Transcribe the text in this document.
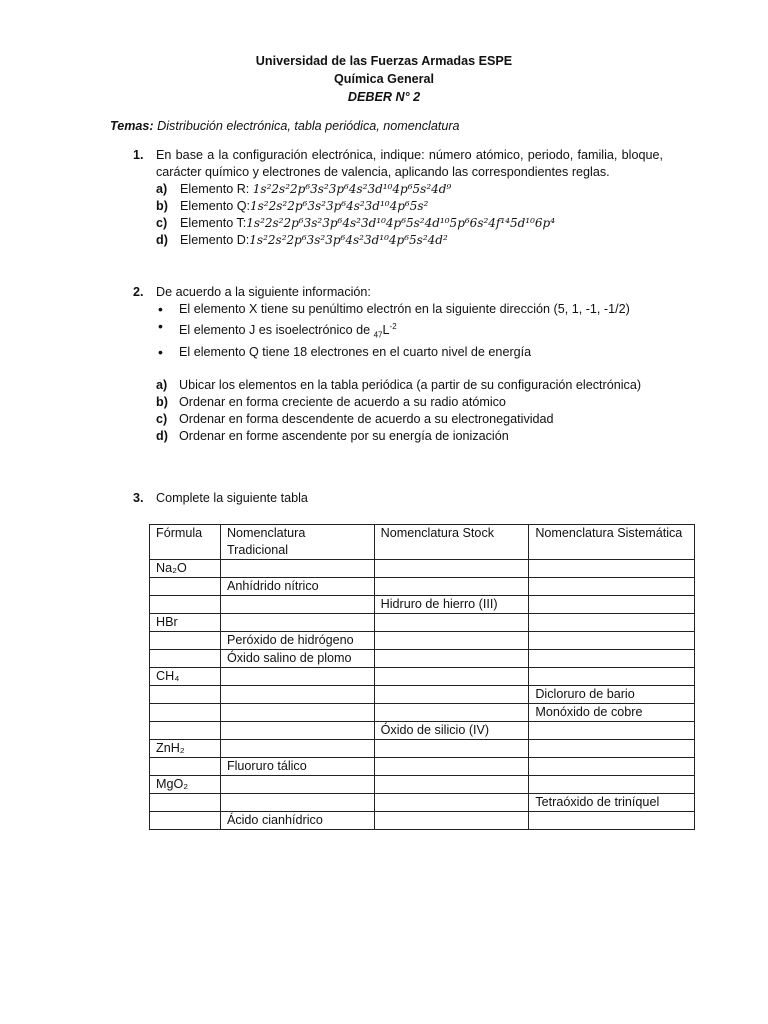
Universidad de las Fuerzas Armadas ESPE
Química General
DEBER N° 2
Temas: Distribución electrónica, tabla periódica, nomenclatura
1. En base a la configuración electrónica, indique: número atómico, periodo, familia, bloque, carácter químico y electrones de valencia, aplicando las correspondientes reglas.
a) Elemento R: 1s²2s²2p⁶3s²3p⁶4s²3d¹⁰4p⁶5s²4d⁹
b) Elemento Q:1s²2s²2p⁶3s²3p⁶4s²3d¹⁰4p⁶5s²
c) Elemento T:1s²2s²2p⁶3s²3p⁶4s²3d¹⁰4p⁶5s²4d¹⁰5p⁶6s²4f¹⁴5d¹⁰6p⁴
d) Elemento D:1s²2s²2p⁶3s²3p⁶4s²3d¹⁰4p⁶5s²4d²
2. De acuerdo a la siguiente información:
• El elemento X tiene su penúltimo electrón en la siguiente dirección (5, 1, -1, -1/2)
• El elemento J es isoelectrónico de $_{47}L^{-2}$
• El elemento Q tiene 18 electrones en el cuarto nivel de energía
a) Ubicar los elementos en la tabla periódica (a partir de su configuración electrónica)
b) Ordenar en forma creciente de acuerdo a su radio atómico
c) Ordenar en forma descendente de acuerdo a su electronegatividad
d) Ordenar en forme ascendente por su energía de ionización
3. Complete la siguiente tabla
Fórmula	Nomenclatura Tradicional	Nomenclatura Stock	Nomenclatura Sistemática
Na₂O			
	Anhídrido nítrico		
		Hidruro de hierro (III)	
HBr			
	Peróxido de hidrógeno		
	Óxido salino de plomo		
CH₄			
			Dicloruro de bario
			Monóxido de cobre
		Óxido de silicio (IV)	
ZnH₂			
	Fluoruro tálico		
MgO₂			
			Tetraóxido de triníquel
	Ácido cianhídrico		
